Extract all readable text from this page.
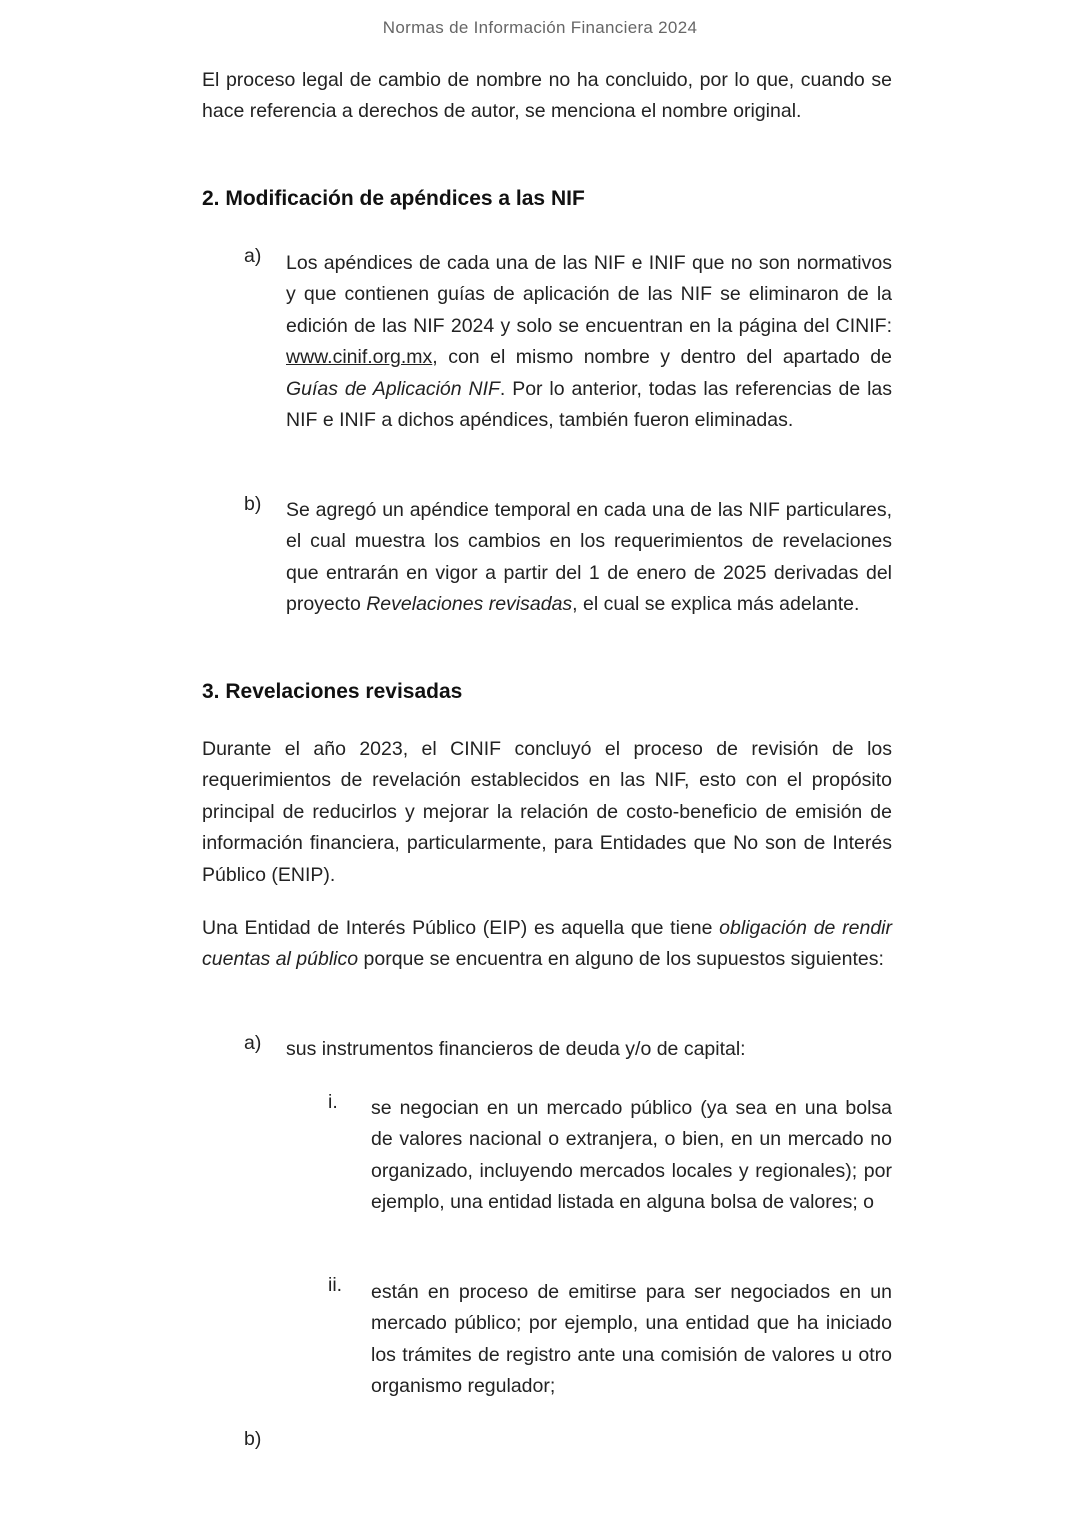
Normas de Información Financiera 2024

El proceso legal de cambio de nombre no ha concluido, por lo que, cuando se hace referencia a derechos de autor, se menciona el nombre original.

2. Modificación de apéndices a las NIF
a) Los apéndices de cada una de las NIF e INIF que no son normativos y que contienen guías de aplicación de las NIF se eliminaron de la edición de las NIF 2024 y solo se encuentran en la página del CINIF: www.cinif.org.mx, con el mismo nombre y dentro del apartado de Guías de Aplicación NIF. Por lo anterior, todas las referencias de las NIF e INIF a dichos apéndices, también fueron eliminadas.

b) Se agregó un apéndice temporal en cada una de las NIF particulares, el cual muestra los cambios en los requerimientos de revelaciones que entrarán en vigor a partir del 1 de enero de 2025 derivadas del proyecto Revelaciones revisadas, el cual se explica más adelante.

3. Revelaciones revisadas

Durante el año 2023, el CINIF concluyó el proceso de revisión de los requerimientos de revelación establecidos en las NIF, esto con el propósito principal de reducirlos y mejorar la relación de costo-beneficio de emisión de información financiera, particularmente, para Entidades que No son de Interés Público (ENIP).

Una Entidad de Interés Público (EIP) es aquella que tiene obligación de rendir cuentas al público porque se encuentra en alguno de los supuestos siguientes:

a) sus instrumentos financieros de deuda y/o de capital:

i. se negocian en un mercado público (ya sea en una bolsa de valores nacional o extranjera, o bien, en un mercado no organizado, incluyendo mercados locales y regionales); por ejemplo, una entidad listada en alguna bolsa de valores; o

ii. están en proceso de emitirse para ser negociados en un mercado público; por ejemplo, una entidad que ha iniciado los trámites de registro ante una comisión de valores u otro organismo regulador;

b)
